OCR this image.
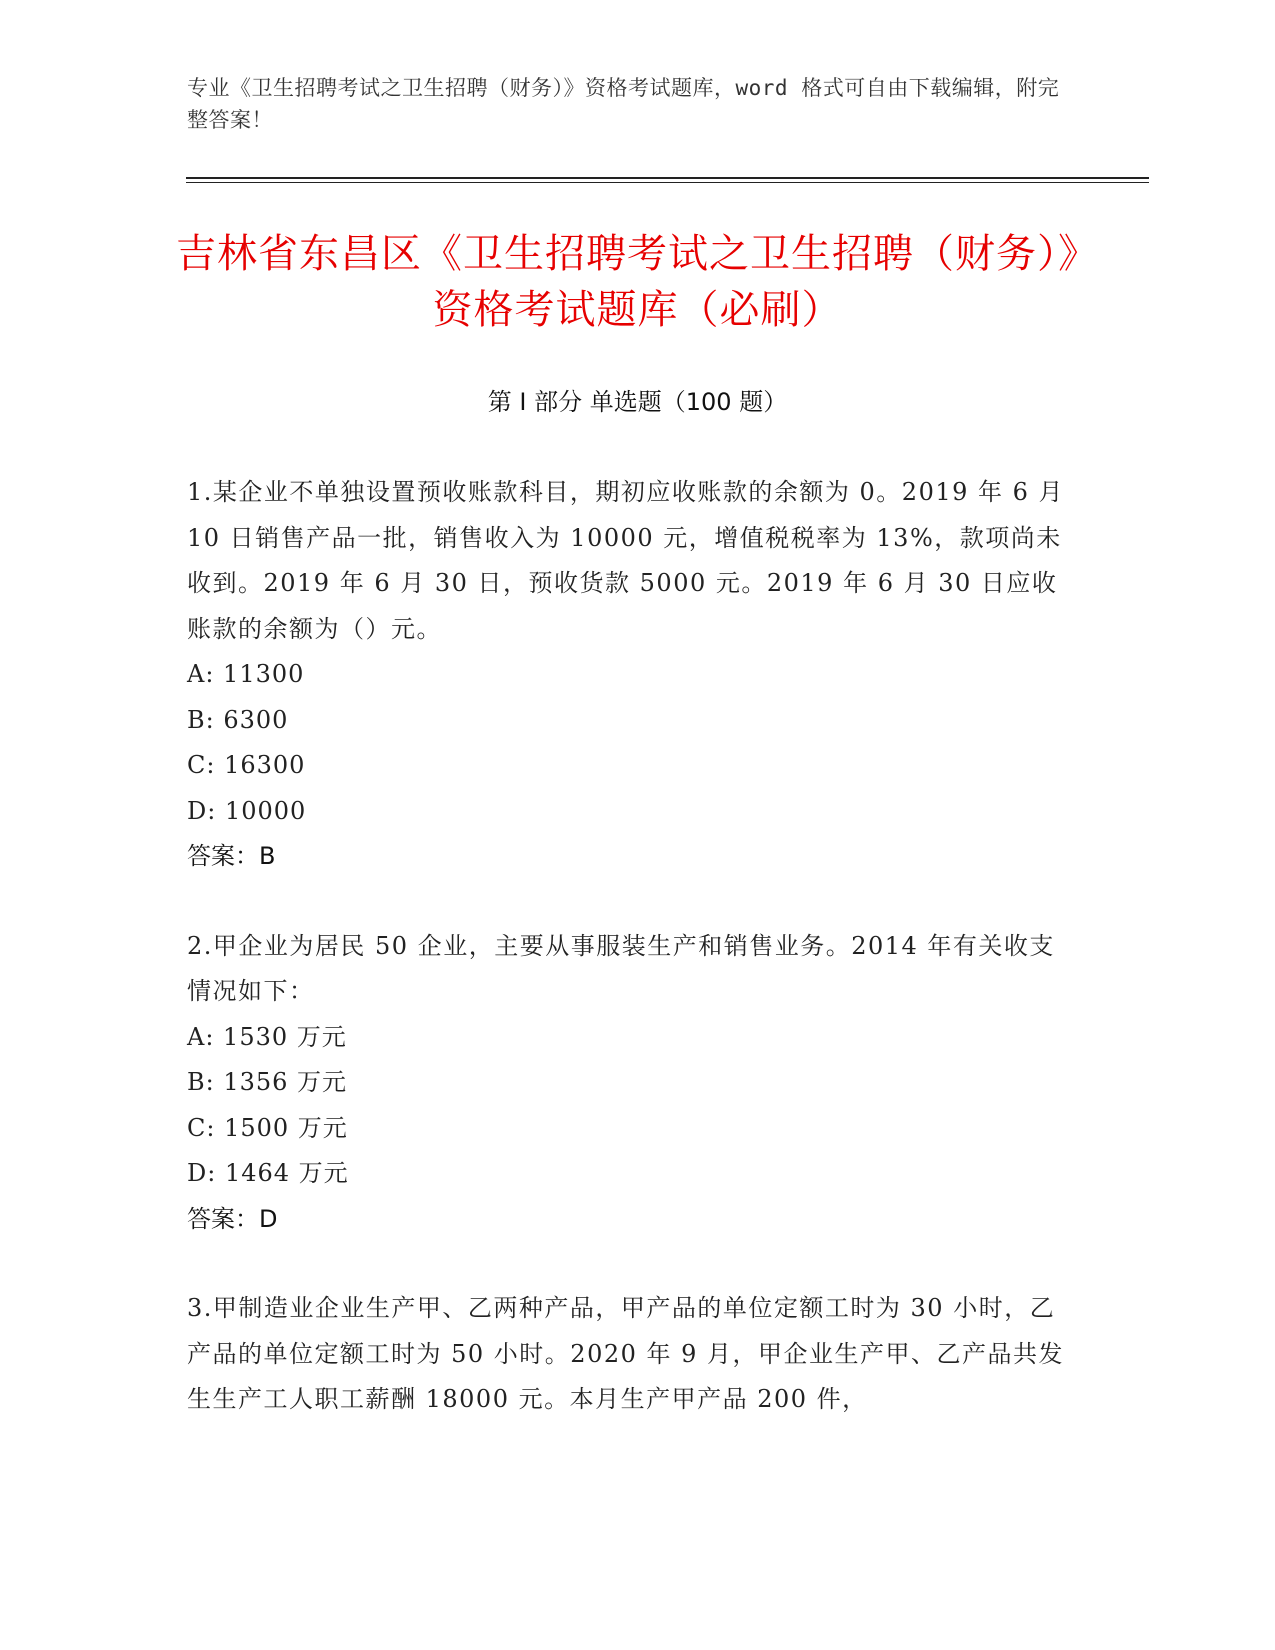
专业《卫生招聘考试之卫生招聘（财务）》资格考试题库，word 格式可自由下载编辑，附完整答案！
吉林省东昌区《卫生招聘考试之卫生招聘（财务）》资格考试题库（必刷）
第 I 部分 单选题（100 题）

1.某企业不单独设置预收账款科目，期初应收账款的余额为 0。2019 年 6 月 10 日销售产品一批，销售收入为 10000 元，增值税税率为 13%，款项尚未收到。2019 年 6 月 30 日，预收货款 5000 元。2019 年 6 月 30 日应收账款的余额为（）元。

A: 11300

B: 6300

C: 16300

D: 10000

答案：B

2.甲企业为居民 50 企业，主要从事服装生产和销售业务。2014 年有关收支情况如下：

A: 1530 万元

B: 1356 万元

C: 1500 万元

D: 1464 万元

答案：D

3.甲制造业企业生产甲、乙两种产品，甲产品的单位定额工时为 30 小时，乙产品的单位定额工时为 50 小时。2020 年 9 月，甲企业生产甲、乙产品共发生生产工人职工薪酬 18000 元。本月生产甲产品 200 件，
